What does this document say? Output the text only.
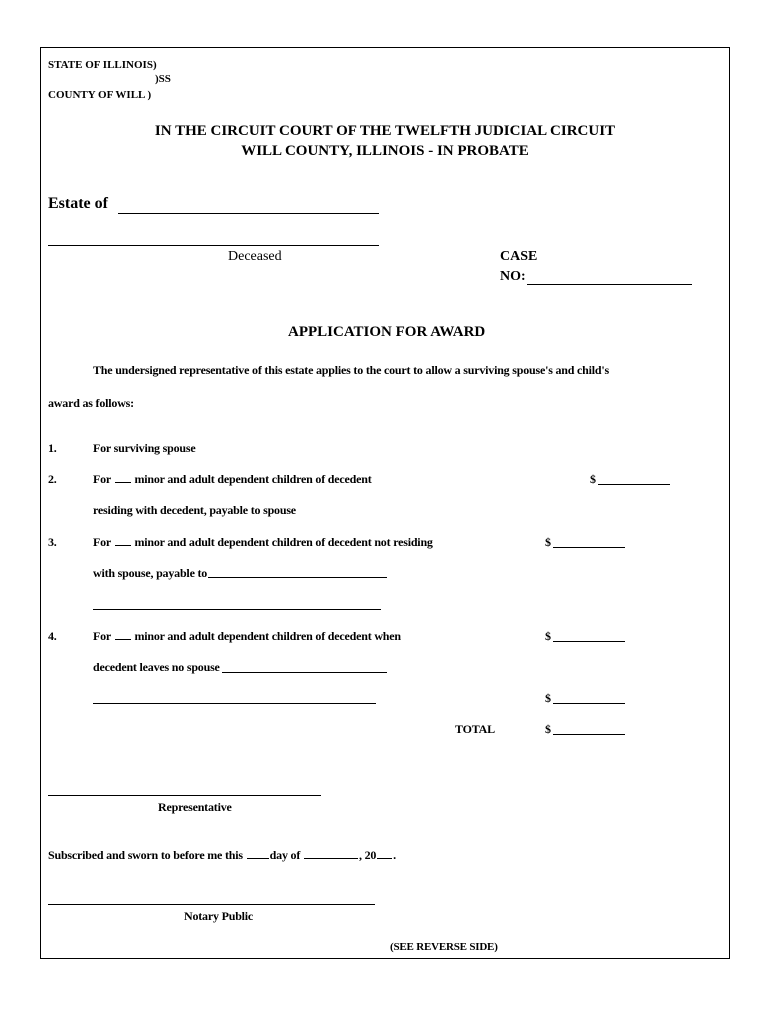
STATE OF ILLINOIS)
)SS
COUNTY OF WILL )
IN THE CIRCUIT COURT OF THE TWELFTH JUDICIAL CIRCUIT
WILL COUNTY, ILLINOIS - IN PROBATE
Estate of
Deceased	CASE
NO:
APPLICATION FOR AWARD
The undersigned representative of this estate applies to the court to allow a surviving spouse's and child's
award as follows:
1.	For surviving spouse
2.	For minor and adult dependent children of decedent	$
residing with decedent, payable to spouse
3.	For minor and adult dependent children of decedent not residing	$
with spouse, payable to
4.	For minor and adult dependent children of decedent when	$
decedent leaves no spouse
$
TOTAL	$
Representative
Subscribed and sworn to before me this day of	, 20 .
Notary Public
(SEE REVERSE SIDE)
